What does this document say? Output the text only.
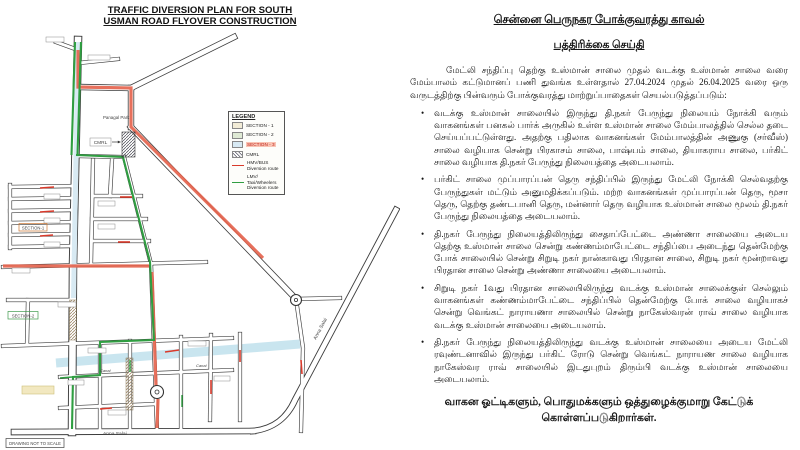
TRAFFIC DIVERSION PLAN FOR SOUTH
USMAN ROAD FLYOVER CONSTRUCTION
CMRL
Panagal Park
Canal
Canal
Anna Salai
Anna Salai
SECTION-1
SECTION-2
DRAWING NOT TO SCALE
LEGEND
SECTION - 1
SECTION - 2
SECTION - 3
CMRL
HMV/BUS Diversion route
LMV/ Taxi/Wheelers Diversion route
சென்னை பெருநகர போக்குவரத்து காவல்
பத்திரிக்கை செய்தி

மேட்லி சந்திப்பு தெற்கு உஸ்மான் சாலை முதல் வடக்கு உஸ்மான் சாலை வரை மேம்பாலம் கட்டுமானப் பணி துவங்க உள்ளதால் 27.04.2024 முதல் 26.04.2025 வரை ஒரு வருடத்திற்கு பின்வரும் போக்குவரத்து மாற்றுப்பாதைகள் செயல்படுத்தப்படும்:

• வடக்கு உஸ்மான் சாலையில் இருந்து தி.நகர் பேருந்து நிலையம் நோக்கி வரும் வாகனங்கள் பனகல் பார்க் அருகில் உள்ள உஸ்மான் சாலை மேம்பாலத்தில் செல்ல தடை செய்யப்பட்டுள்ளது. அதற்கு பதிலாக வாகனங்கள் மேம்பாலத்தின் அணுகு (சர்வீஸ்) சாலை வழியாக சென்று பிரகாசம் சாலை, பாஷ்யம் சாலை, தியாகராய சாலை, பர்கிட் சாலை வழியாக தி.நகர் பேருந்து நிலையத்தை அடையலாம்.
• பர்கிட் சாலை முப்பாரப்பன் தெரு சந்திப்பில் இருந்து மேட்லி நோக்கி செல்வதற்கு பேருந்துகள் மட்டும் அனுமதிக்கப்படும். மற்ற வாகனங்கள் முப்பாரப்பன் தெரு, மூசா தெரு, தெற்கு தண்டபானி தெரு, மன்னார் தெரு வழியாக உஸ்மான் சாலை மூலம் தி.நகர் பேருந்து நிலையத்தை அடையலாம்.
• தி.நகர் பேருந்து நிலையத்திலிருந்து சைதாப்பேட்டை அண்ணா சாலையை அடைய தெற்கு உஸ்மான் சாலை சென்று கண்ணம்மாபேட்டை சந்திப்பை அடைந்து தென்மேற்கு போக் சாலையில் சென்று சிறுடி நகர் நான்காவது பிரதான சாலை, சிறுடி நகர் மூன்றாவது பிரதான சாலை சென்று அண்ணா சாலையை அடையலாம்.
• சிறுடி நகர் 1வது பிரதான சாலையிலிருந்து வடக்கு உஸ்மான் சாலைக்குள் செல்லும் வாகனங்கள் கண்ணம்மாபேட்டை சந்திப்பில் தென்மேற்கு போக் சாலை வழியாகச் சென்று வெங்கட் நாராயணா சாலையில் சென்று நாகேஸ்வரன் ராவ் சாலை வழியாக வடக்கு உஸ்மான் சாலையை அடையலாம்.
• தி.நகர் பேருந்து நிலையத்திலிருந்து வடக்கு உஸ்மான் சாலையை அடைய மேட்லி ரவுண்டனாவில் இருந்து பர்கிட் ரோடு சென்று வெங்கட் நாராயண சாலை வழியாக நாகேஸ்வர ராவ் சாலையில் இடதுபுறம் திரும்பி வடக்கு உஸ்மான் சாலையை அடையலாம்.

வாகன ஓட்டிகளும், பொதுமக்களும் ஒத்துழைக்குமாறு கேட்டுக் கொள்ளப்படுகிறார்கள்.
